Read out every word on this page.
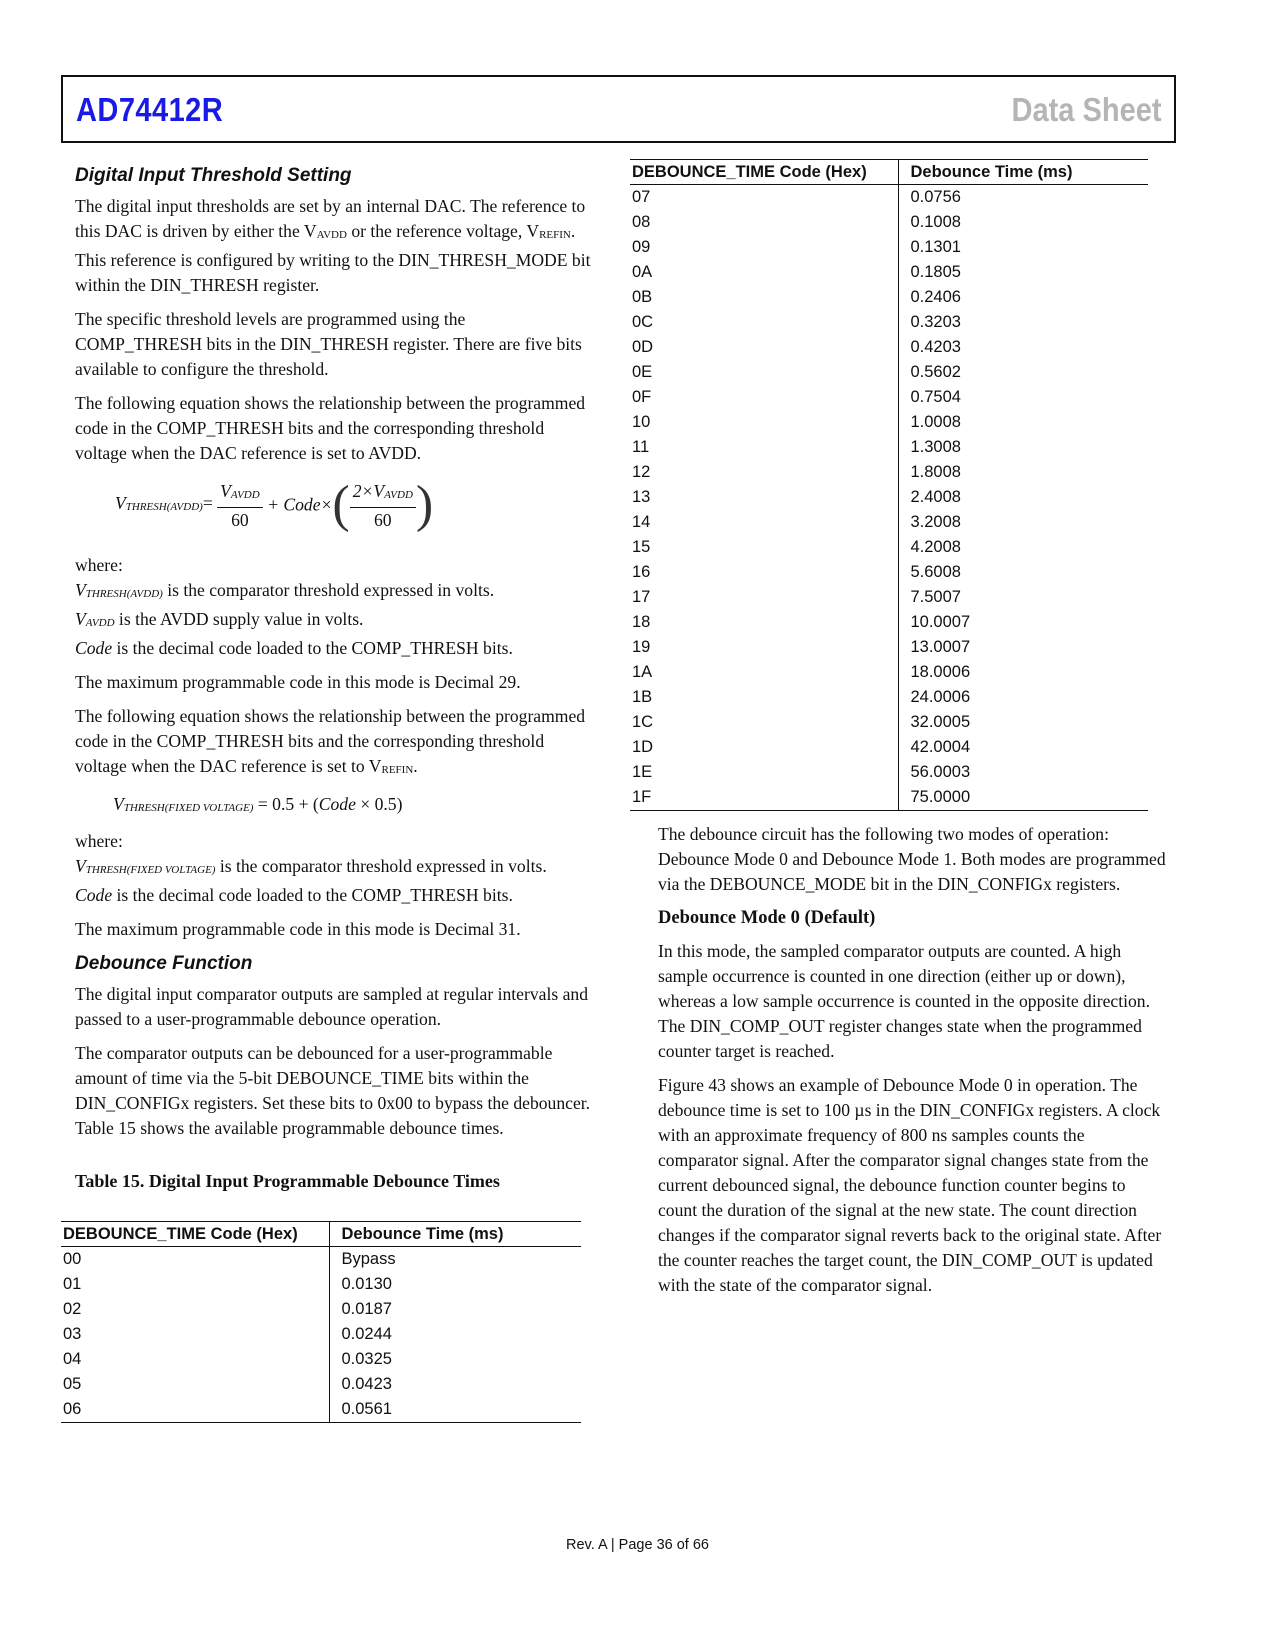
AD74412R	Data Sheet
Digital Input Threshold Setting

The digital input thresholds are set by an internal DAC. The reference to this DAC is driven by either the $V_{AVDD}$ or the reference voltage, $V_{REFIN}$. This reference is configured by writing to the DIN_THRESH_MODE bit within the DIN_THRESH register.

The specific threshold levels are programmed using the COMP_THRESH bits in the DIN_THRESH register. There are five bits available to configure the threshold.

The following equation shows the relationship between the programmed code in the COMP_THRESH bits and the corresponding threshold voltage when the DAC reference is set to AVDD.

$V_{THRESH(AVDD)}= \frac{V_{AVDD}}{60}$ + Code×( $\frac{2\times V_{AVDD}}{60}$ )

where:

$V_{THRESH(AVDD)}$ is the comparator threshold expressed in volts.

$V_{AVDD}$ is the AVDD supply value in volts.

Code is the decimal code loaded to the COMP_THRESH bits.

The maximum programmable code in this mode is Decimal 29.

The following equation shows the relationship between the programmed code in the COMP_THRESH bits and the corresponding threshold voltage when the DAC reference is set to $V_{REFIN}$.

$V_{THRESH(FIXED VOLTAGE)} = 0.5$ + (Code × 0.5)

where:

$V_{THRESH(FIXED VOLTAGE)}$ is the comparator threshold expressed in volts.

Code is the decimal code loaded to the COMP_THRESH bits.

The maximum programmable code in this mode is Decimal 31.

Debounce Function

The digital input comparator outputs are sampled at regular intervals and passed to a user-programmable debounce operation.

The comparator outputs can be debounced for a user-programmable amount of time via the 5-bit DEBOUNCE_TIME bits within the DIN_CONFIGx registers. Set these bits to 0x00 to bypass the debouncer. Table 15 shows the available programmable debounce times.

Table 15. Digital Input Programmable Debounce Times

DEBOUNCE_TIME Code (Hex)	Debounce Time (ms)
00	Bypass
01	0.0130
02	0.0187
03	0.0244
04	0.0325
05	0.0423
06	0.0561
DEBOUNCE_TIME Code (Hex)	Debounce Time (ms)
07	0.0756
08	0.1008
09	0.1301
0A	0.1805
0B	0.2406
0C	0.3203
0D	0.4203
0E	0.5602
0F	0.7504
10	1.0008
11	1.3008
12	1.8008
13	2.4008
14	3.2008
15	4.2008
16	5.6008
17	7.5007
18	10.0007
19	13.0007
1A	18.0006
1B	24.0006
1C	32.0005
1D	42.0004
1E	56.0003
1F	75.0000

The debounce circuit has the following two modes of operation: Debounce Mode 0 and Debounce Mode 1. Both modes are programmed via the DEBOUNCE_MODE bit in the DIN_CONFIGx registers.

Debounce Mode 0 (Default)

In this mode, the sampled comparator outputs are counted. A high sample occurrence is counted in one direction (either up or down), whereas a low sample occurrence is counted in the opposite direction. The DIN_COMP_OUT register changes state when the programmed counter target is reached.

Figure 43 shows an example of Debounce Mode 0 in operation. The debounce time is set to 100 µs in the DIN_CONFIGx registers. A clock with an approximate frequency of 800 ns samples counts the comparator signal. After the comparator signal changes state from the current debounced signal, the debounce function counter begins to count the duration of the signal at the new state. The count direction changes if the comparator signal reverts back to the original state. After the counter reaches the target count, the DIN_COMP_OUT is updated with the state of the comparator signal.

Rev. A | Page 36 of 66
